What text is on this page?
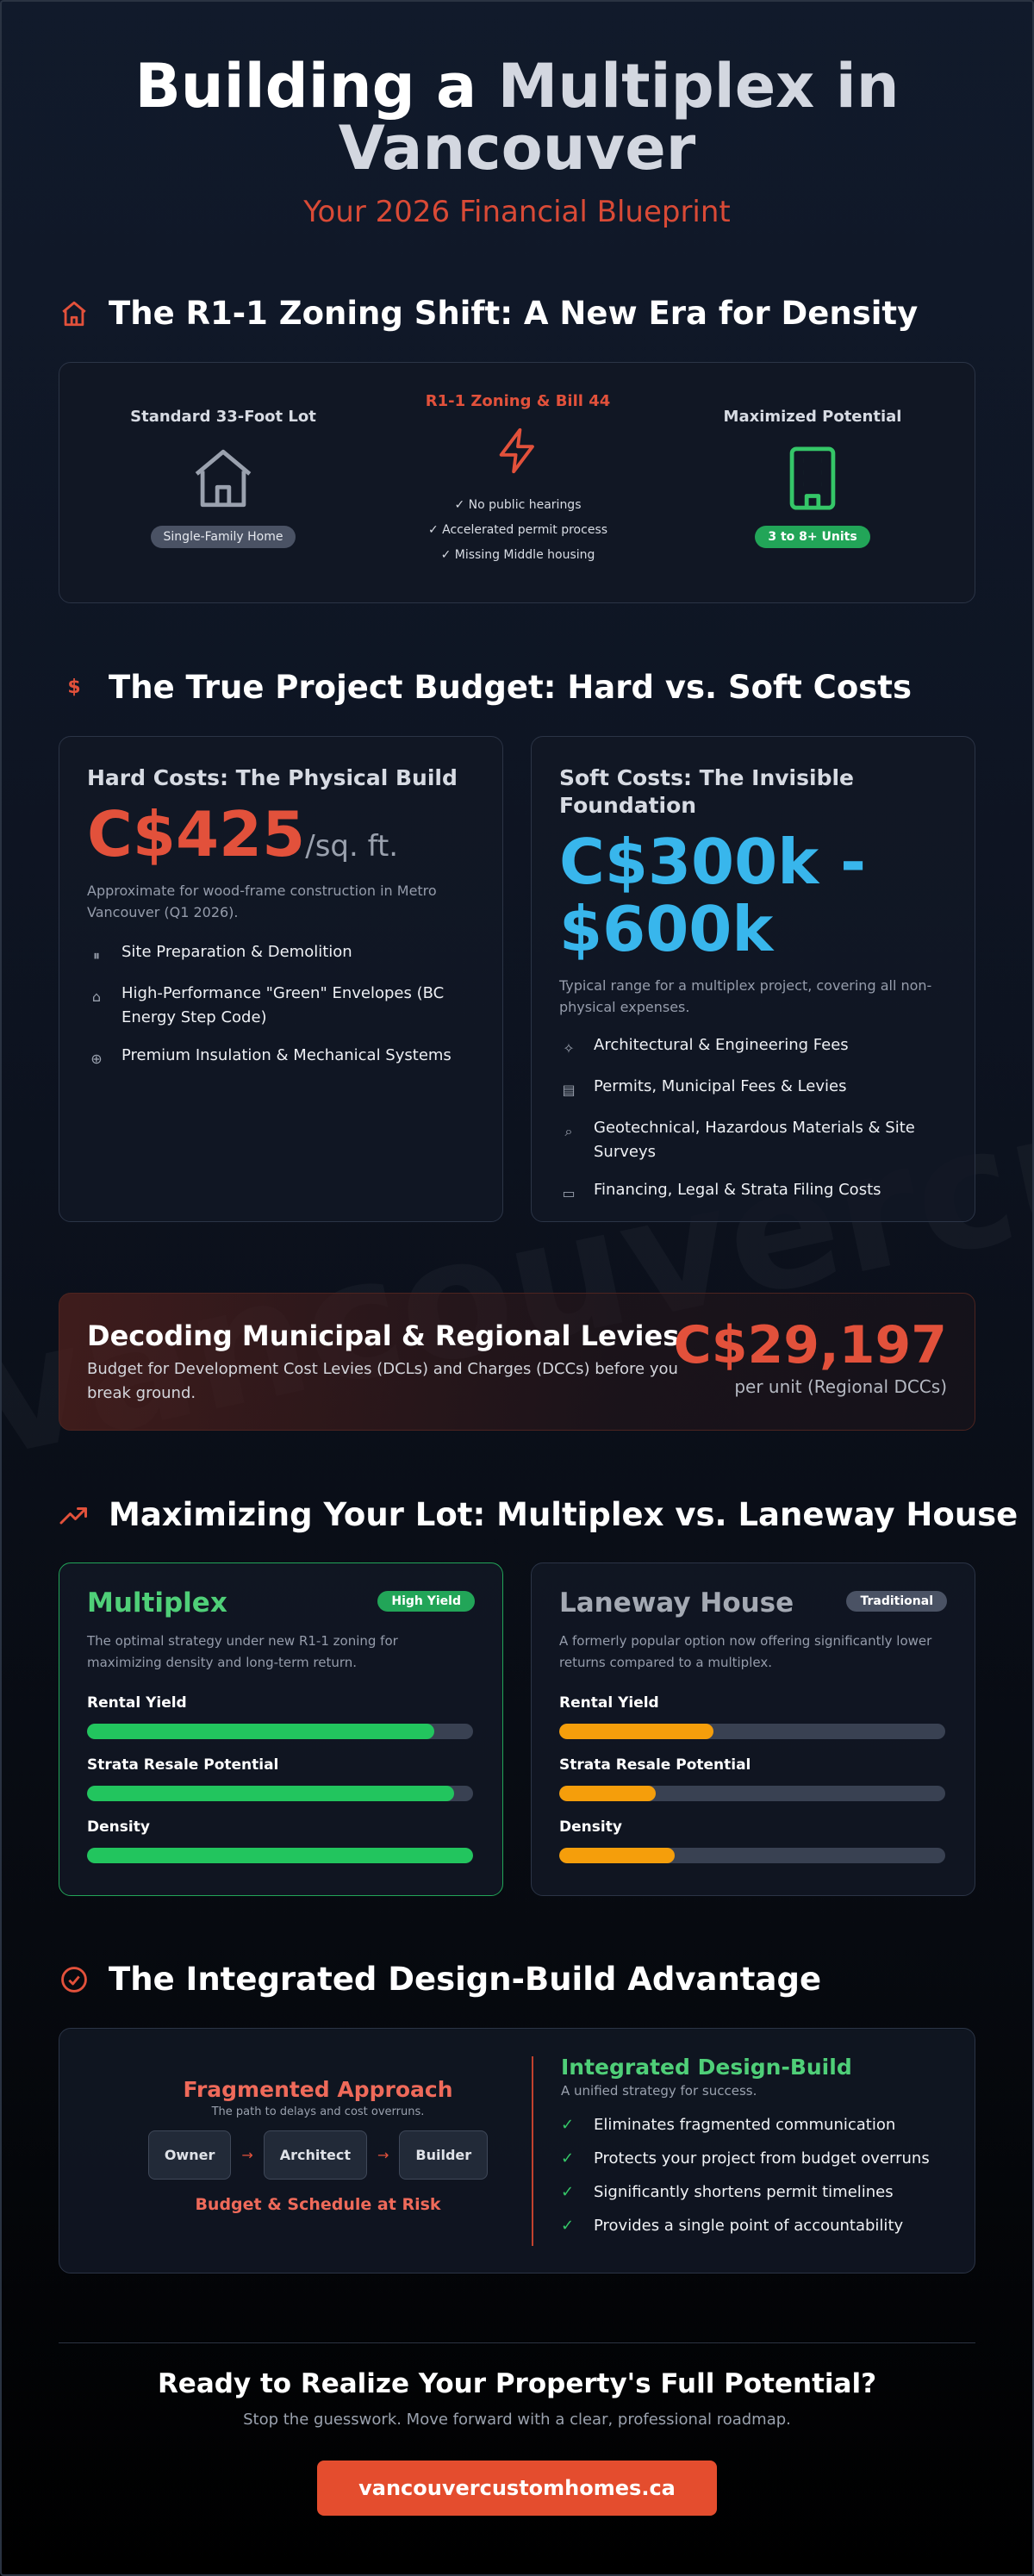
Building a Multiplex in
Vancouver
Your 2026 Financial Blueprint
The R1-1 Zoning Shift: A New Era for Density
Standard 33-Foot Lot
Single-Family Home
R1-1 Zoning & Bill 44
✓ No public hearings
✓ Accelerated permit process
✓ Missing Middle housing
Maximized Potential
3 to 8+ Units
$ The True Project Budget: Hard vs. Soft Costs
Hard Costs: The Physical Build
C$425/sq. ft.

Approximate for wood-frame construction in Metro Vancouver (Q1 2026).

⏸	Site Preparation & Demolition
⌂	High-Performance "Green" Envelopes (BC Energy Step Code)
⊕ Premium Insulation & Mechanical Systems
Soft Costs: The Invisible Foundation
C$300k -
$600k

Typical range for a multiplex project, covering all non-physical expenses.

✧ Architectural & Engineering Fees
▤ Permits, Municipal Fees & Levies
⌕	Geotechnical, Hazardous Materials & Site Surveys
▭ Financing, Legal & Strata Filing Costs
Decoding Municipal & Regional Levies

Budget for Development Cost Levies (DCLs) and Charges (DCCs) before you break ground.

C$29,197
per unit (Regional DCCs)
Maximizing Your Lot: Multiplex vs. Laneway House
Multiplex	High Yield

The optimal strategy under new R1-1 zoning for maximizing density and long-term return.

Rental Yield
Strata Resale Potential
Density
Laneway House	Traditional

A formerly popular option now offering significantly lower returns compared to a multiplex.

Rental Yield
Strata Resale Potential
Density
The Integrated Design-Build Advantage
Fragmented Approach
The path to delays and cost overruns.
Owner → Architect → Builder
Budget & Schedule at Risk
Integrated Design-Build
A unified strategy for success.
✓ Eliminates fragmented communication
✓ Protects your project from budget overruns
✓ Significantly shortens permit timelines
✓ Provides a single point of accountability
Ready to Realize Your Property's Full Potential?
Stop the guesswork. Move forward with a clear, professional roadmap.
vancouvercustomhomes.ca
